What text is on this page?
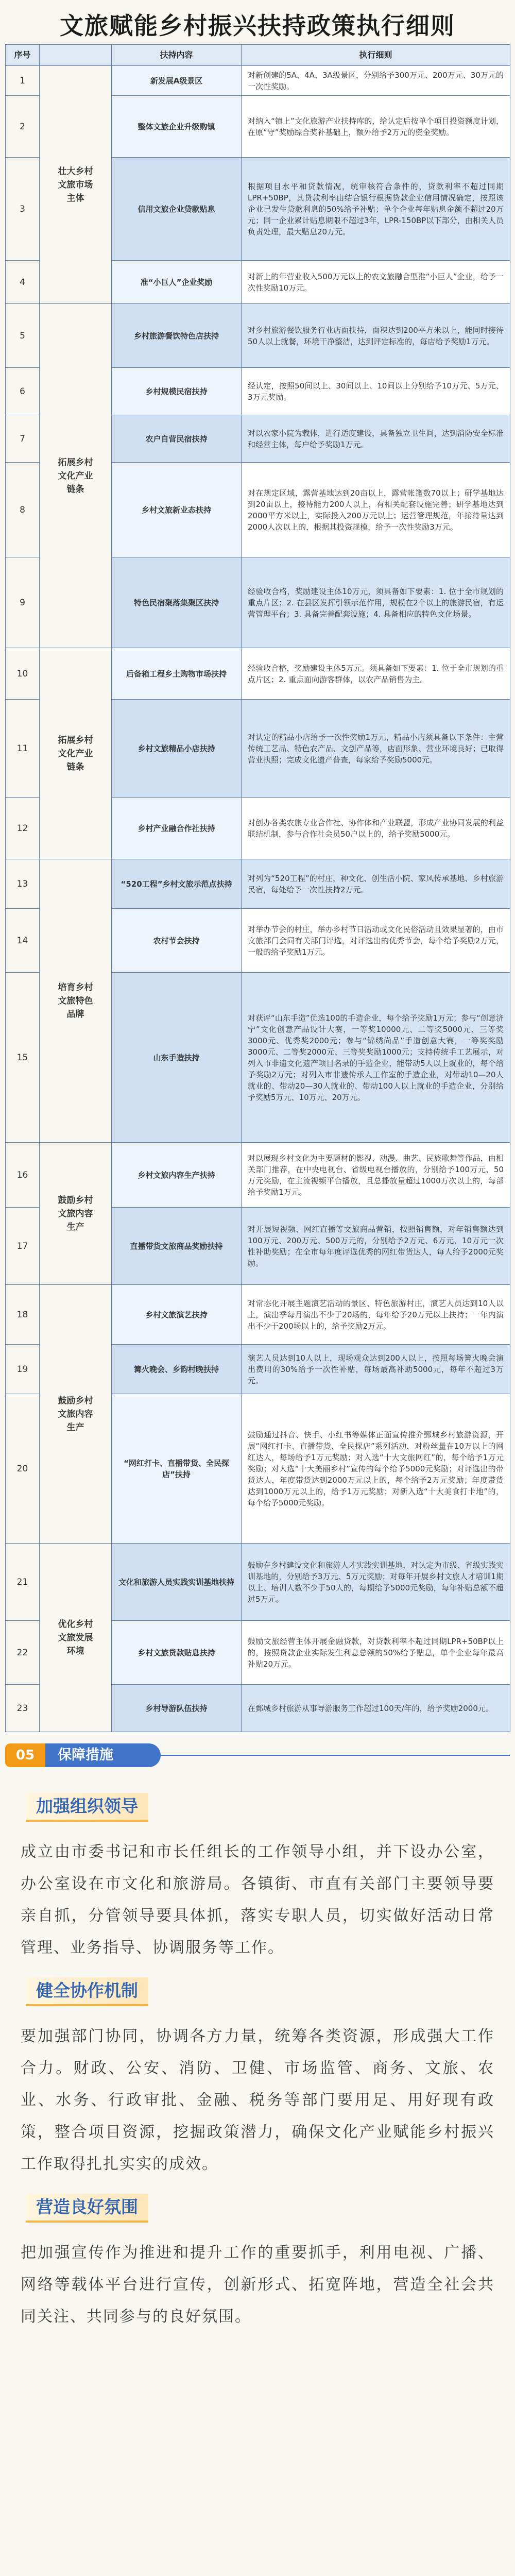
文旅赋能乡村振兴扶持政策执行细则
序号		扶持内容	执行细则
1	壮大乡村文旅市场主体	新发展A级景区	对新创建的5A、4A、3A级景区，分别给予300万元、200万元、30万元的一次性奖励。
2		整体文旅企业升级购镇	对纳入“镇上”文化旅游产业扶持库的，给认定后按单个项目投资额度计划，在原“守”奖励综合奖补基础上，额外给予2万元的资金奖励。
3		信用文旅企业贷款贴息	根据项目水平和贷款情况，统审核符合条件的，贷款利率不超过同期LPR+50BP，其贷款利率由结合银行根据贷款企业信用情况确定，按照该企业已发生贷款利息的50%给予补贴；单个企业每年贴息金额不超过20万元；同一企业累计贴息期限不超过3年，LPR-150BP以下部分，由相关人员负责处理，最大贴息20万元。
4		准“小巨人”企业奖励	对新上的年营业收入500万元以上的农文旅融合型准“小巨人”企业，给予一次性奖励10万元。
5	拓展乡村文化产业链条	乡村旅游餐饮特色店扶持	对乡村旅游餐饮服务行业店面扶持，面积达到200平方米以上，能同时接待50人以上就餐，环境干净整洁，达到评定标准的，每店给予奖励1万元。
6		乡村规模民宿扶持	经认定，按照50间以上、30间以上、10间以上分别给予10万元、5万元、3万元奖励。
7		农户自营民宿扶持	对以农家小院为载体，进行适度建设，具备独立卫生间，达到消防安全标准和经营主体，每户给予奖励1万元。
8		乡村文旅新业态扶持	对在规定区域，露营基地达到20亩以上，露营帐篷数70以上；研学基地达到20亩以上，接待能力200人以上，有相关配套设施完善；研学基地达到2000平方米以上，实际投入200万元以上；运营管理规范，年接待量达到2000人次以上的，根据其投资规模，给予一次性奖励3万元。
9		特色民宿聚落集聚区扶持	经验收合格，奖励建设主体10万元，须具备如下要素：1. 位于全市规划的重点片区；2. 在县区发挥引领示范作用，规模在2个以上的旅游民宿，有运营管理平台；3. 具备完善配套设施；4. 具备相应的特色文化场景。
10	拓展乡村文化产业链条	后备箱工程乡土购物市场扶持	经验收合格，奖励建设主体5万元。须具备如下要素：1. 位于全市规划的重点片区；2. 重点面向游客群体，以农产品销售为主。
11		乡村文旅精品小店扶持	对认定的精品小店给予一次性奖励1万元，精品小店须具备以下条件：主营传统工艺品、特色农产品、文创产品等，店面形象、营业环境良好；已取得营业执照；完成文化遗产普查，每家给予奖励5000元。
12		乡村产业融合作社扶持	对创办各类农旅专业合作社、协作体和产业联盟，形成产业协同发展的利益联结机制，参与合作社会员50户以上的，给予奖励5000元。
13	培育乡村文旅特色品牌	“520工程”乡村文旅示范点扶持	对列为“520工程”的村庄，种文化、创生活小院、家风传承基地、乡村旅游民宿，每处给予一次性扶持2万元。
14		农村节会扶持	对举办节会的村庄，举办乡村节日活动或文化民俗活动且效果显著的，由市文旅部门会同有关部门评选，对评选出的优秀节会，每个给予奖励2万元，一般的给予奖励1万元。
15		山东手造扶持	对获评“山东手造”优选100的手造企业，每个给予奖励1万元；参与“创意济宁”文化创意产品设计大赛，一等奖10000元、二等奖5000元、三等奖3000元、优秀奖2000元；参与“锦绣尚品”手造创意大赛，一等奖奖励3000元、二等奖2000元、三等奖奖励1000元；支持传统手工艺展示，对列入市非遗文化遗产项目名录的手造企业，能带动5人以上就业的，每个给予奖励2万元；对列入市非遗传承人工作室的手造企业，对带动10—20人就业的、带动20—30人就业的、带动100人以上就业的手造企业，分别给予奖励5万元、10万元、20万元。
16	鼓励乡村文旅内容生产	乡村文旅内容生产扶持	对以展现乡村文化为主要题材的影视、动漫、曲艺、民族歌舞等作品，由相关部门推荐，在中央电视台、省级电视台播放的，分别给予100万元、50万元奖励，在主流视频平台播放，且总播放量超过1000万次以上的，每部给予奖励1万元。
17		直播带货文旅商品奖励扶持	对开展短视频、网红直播等文旅商品营销，按照销售额，对年销售额达到100万元、200万元、500万元的，分别给予2万元、6万元、10万元一次性补助奖励；在全市每年度评选优秀的网红带货达人，每人给予2000元奖励。
18	鼓励乡村文旅内容生产	乡村文旅演艺扶持	对常态化开展主题演艺活动的景区、特色旅游村庄，演艺人员达到10人以上，演出季每月演出不少于20场的，每年给予20万元以上扶持；一年内演出不少于200场以上的，给予奖励2万元。
19		篝火晚会、乡韵村晚扶持	演艺人员达到10人以上，现场观众达到200人以上，按照每场篝火晚会演出费用的30%给予一次性补贴，每场最高补助5000元，每年不超过3万元。
20		“网红打卡、直播带货、全民探店”扶持	鼓励通过抖音、快手、小红书等媒体正面宣传推介鄄城乡村旅游资源，开展“网红打卡、直播带货、全民探店”系列活动，对粉丝量在10万以上的网红达人，每场给予1万元奖励；对入选“十大文旅网红”的，每个给予1万元奖励；对人选“十大美丽乡村”宣传的每个给予5000元奖励；对评选出的带货达人，年度带货达到2000万元以上的，每个给予2万元奖励；年度带货达到1000万元以上的，给予1万元奖励；对新入选“十大美食打卡地”的，每个给予5000元奖励。
21	优化乡村文旅发展环境	文化和旅游人员实践实训基地扶持	鼓励在乡村建设文化和旅游人才实践实训基地，对认定为市级、省级实践实训基地的，分别给予3万元、5万元奖励；对每年开展乡村文旅人才培训1期以上、培训人数不少于50人的，每期给予5000元奖励，每年补贴总额不超过5万元。
22		乡村文旅贷款贴息扶持	鼓励文旅经营主体开展金融贷款，对贷款利率不超过同期LPR+50BP以上的，按照贷款企业实际发生利息总额的50%给予贴息，单个企业每年最高补贴20万元。
23		乡村导游队伍扶持	在鄄城乡村旅游从事导游服务工作超过100天/年的，给予奖励2000元。
05	保障措施
加强组织领导
成立由市委书记和市长任组长的工作领导小组，并下设办公室，办公室设在市文化和旅游局。各镇街、市直有关部门主要领导要亲自抓，分管领导要具体抓，落实专职人员，切实做好活动日常管理、业务指导、协调服务等工作。
健全协作机制
要加强部门协同，协调各方力量，统筹各类资源，形成强大工作合力。财政、公安、消防、卫健、市场监管、商务、文旅、农业、水务、行政审批、金融、税务等部门要用足、用好现有政策，整合项目资源，挖掘政策潜力，确保文化产业赋能乡村振兴工作取得扎扎实实的成效。
营造良好氛围
把加强宣传作为推进和提升工作的重要抓手，利用电视、广播、网络等载体平台进行宣传，创新形式、拓宽阵地，营造全社会共同关注、共同参与的良好氛围。
